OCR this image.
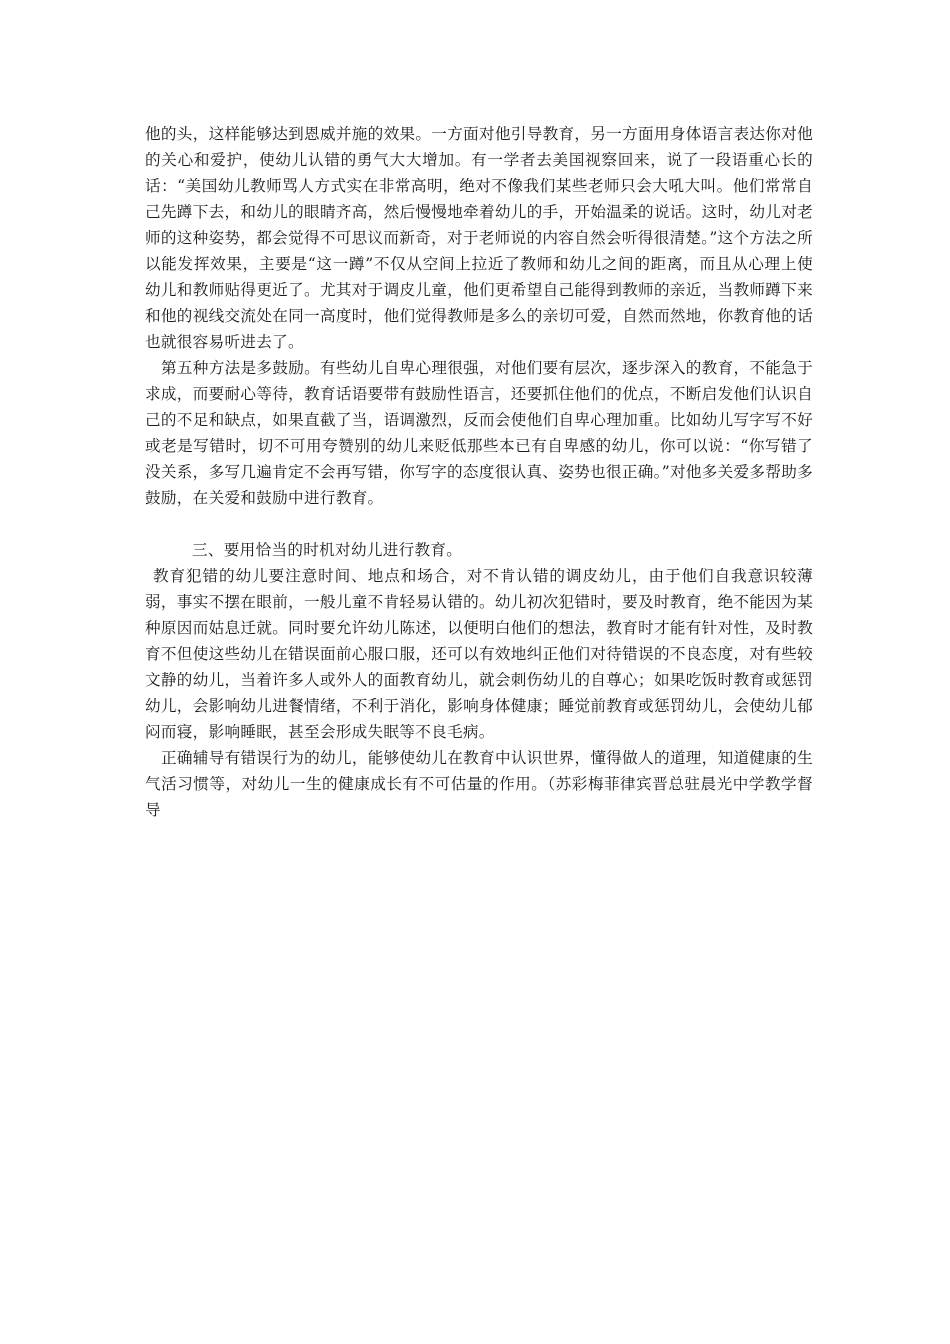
他的头，这样能够达到恩威并施的效果。一方面对他引导教育，另一方面用身体语言表达你对他的关心和爱护，使幼儿认错的勇气大大增加。有一学者去美国视察回来，说了一段语重心长的话：“美国幼儿教师骂人方式实在非常高明，绝对不像我们某些老师只会大吼大叫。他们常常自己先蹲下去，和幼儿的眼睛齐高，然后慢慢地牵着幼儿的手，开始温柔的说话。这时，幼儿对老师的这种姿势，都会觉得不可思议而新奇，对于老师说的内容自然会听得很清楚。”这个方法之所以能发挥效果，主要是“这一蹲”不仅从空间上拉近了教师和幼儿之间的距离，而且从心理上使幼儿和教师贴得更近了。尤其对于调皮儿童，他们更希望自己能得到教师的亲近，当教师蹲下来和他的视线交流处在同一高度时，他们觉得教师是多么的亲切可爱，自然而然地，你教育他的话也就很容易听进去了。

第五种方法是多鼓励。有些幼儿自卑心理很强，对他们要有层次，逐步深入的教育，不能急于求成，而要耐心等待，教育话语要带有鼓励性语言，还要抓住他们的优点，不断启发他们认识自己的不足和缺点，如果直截了当，语调激烈，反而会使他们自卑心理加重。比如幼儿写字写不好或老是写错时，切不可用夸赞别的幼儿来贬低那些本已有自卑感的幼儿，你可以说：“你写错了没关系，多写几遍肯定不会再写错，你写字的态度很认真、姿势也很正确。”对他多关爱多帮助多鼓励，在关爱和鼓励中进行教育。

三、要用恰当的时机对幼儿进行教育。

教育犯错的幼儿要注意时间、地点和场合，对不肯认错的调皮幼儿，由于他们自我意识较薄弱，事实不摆在眼前，一般儿童不肯轻易认错的。幼儿初次犯错时，要及时教育，绝不能因为某种原因而姑息迁就。同时要允许幼儿陈述，以便明白他们的想法，教育时才能有针对性，及时教育不但使这些幼儿在错误面前心服口服，还可以有效地纠正他们对待错误的不良态度，对有些较文静的幼儿，当着许多人或外人的面教育幼儿，就会刺伤幼儿的自尊心；如果吃饭时教育或惩罚幼儿，会影响幼儿进餐情绪，不利于消化，影响身体健康；睡觉前教育或惩罚幼儿，会使幼儿郁闷而寝，影响睡眠，甚至会形成失眠等不良毛病。

正确辅导有错误行为的幼儿，能够使幼儿在教育中认识世界，懂得做人的道理，知道健康的生气活习惯等，对幼儿一生的健康成长有不可估量的作用。（苏彩梅菲律宾晋总驻晨光中学教学督导
